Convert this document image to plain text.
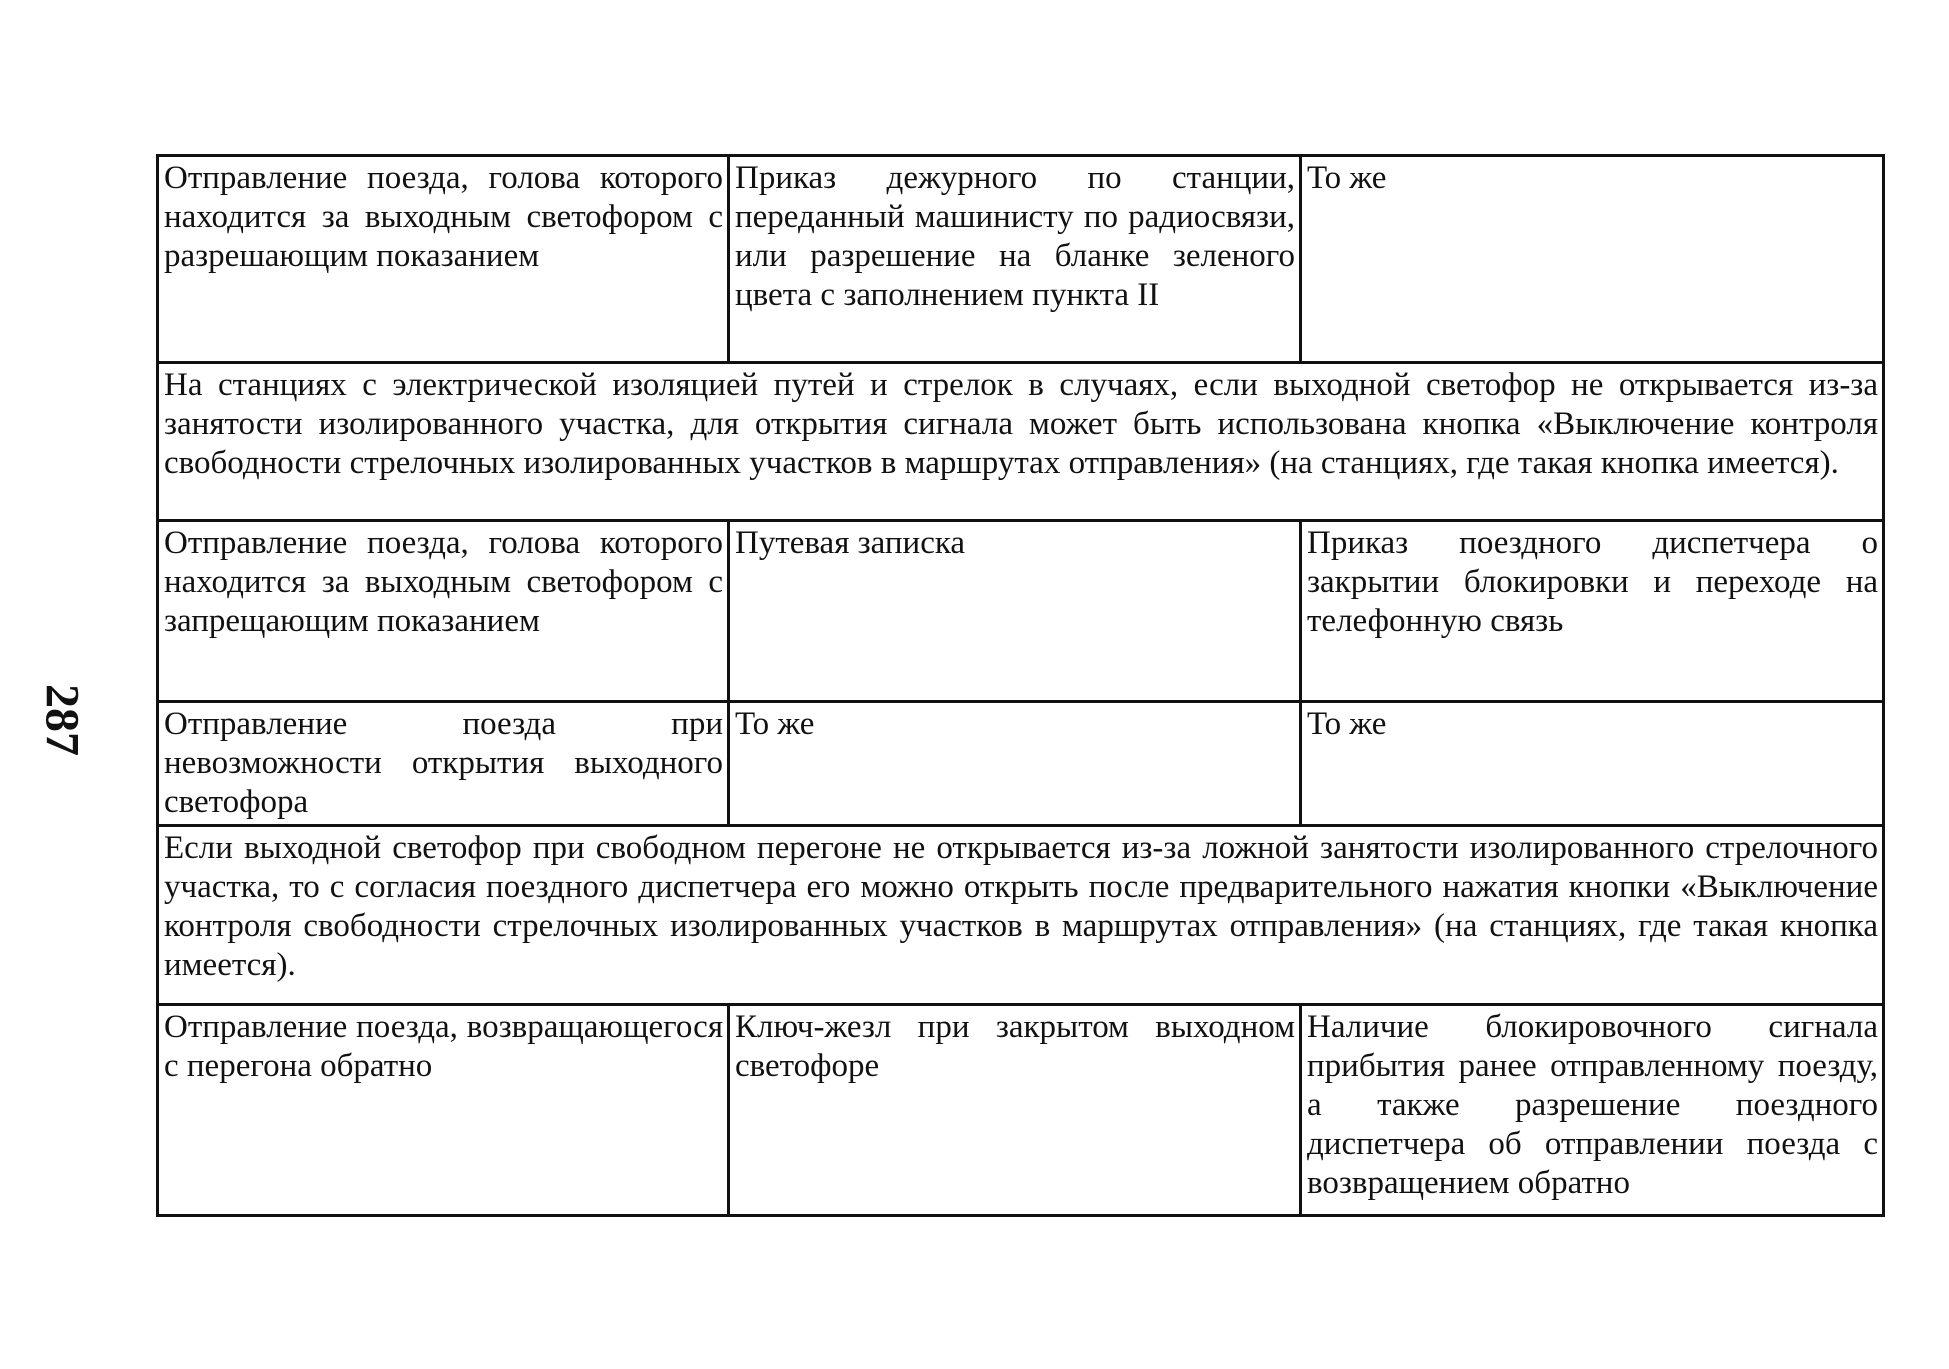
287
Отправление поезда, голова которого находится за выходным светофором с разрешающим показанием	Приказ дежурного по станции, переданный машинисту по радиосвязи, или разрешение на бланке зеленого цвета с заполнением пункта II	То же
На станциях с электрической изоляцией путей и стрелок в случаях, если выходной светофор не открывается из-за занятости изолированного участка, для открытия сигнала может быть использована кнопка «Выключение контроля свободности стрелочных изолированных участков в маршрутах отправления» (на станциях, где такая кнопка имеется).		
Отправление поезда, голова которого находится за выходным светофором с запрещающим показанием	Путевая записка	Приказ поездного диспетчера о закрытии блокировки и переходе на телефонную связь
Отправление поезда при невозможности открытия выходного светофора	То же	То же
Если выходной светофор при свободном перегоне не открывается из-за ложной занятости изолированного стрелочного участка, то с согласия поездного диспетчера его можно открыть после предварительного нажатия кнопки «Выключение контроля свободности стрелочных изолированных участков в маршрутах отправления» (на станциях, где такая кнопка имеется).		
Отправление поезда, возвращающегося с перегона обратно	Ключ-жезл при закрытом выходном светофоре	Наличие блокировочного сигнала прибытия ранее отправленному поезду, а также разрешение поездного диспетчера об отправлении поезда с возвращением обратно
